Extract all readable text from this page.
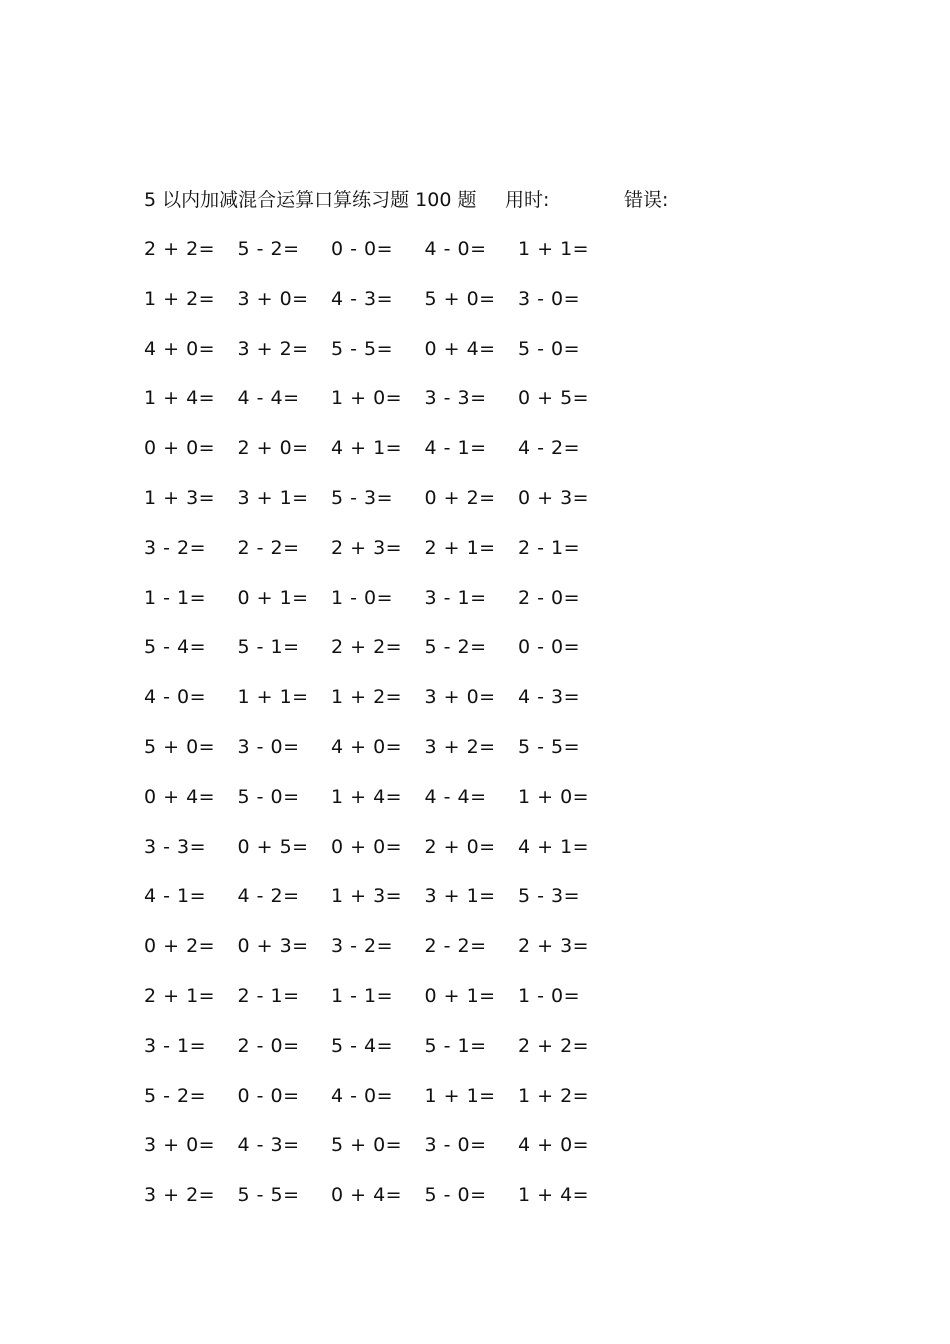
5 以内加减混合运算口算练习题 100 题 用时:	错误:
2 + 2= 5 - 2= 0 - 0= 4 - 0= 1 + 1=
1 + 2= 3 + 0= 4 - 3= 5 + 0= 3 - 0=
4 + 0= 3 + 2= 5 - 5= 0 + 4= 5 - 0=
1 + 4= 4 - 4= 1 + 0= 3 - 3= 0 + 5=
0 + 0= 2 + 0= 4 + 1= 4 - 1= 4 - 2=
1 + 3= 3 + 1= 5 - 3= 0 + 2= 0 + 3=
3 - 2= 2 - 2= 2 + 3= 2 + 1= 2 - 1=
1 - 1= 0 + 1= 1 - 0= 3 - 1= 2 - 0=
5 - 4= 5 - 1= 2 + 2= 5 - 2= 0 - 0=
4 - 0= 1 + 1= 1 + 2= 3 + 0= 4 - 3=
5 + 0= 3 - 0= 4 + 0= 3 + 2= 5 - 5=
0 + 4= 5 - 0= 1 + 4= 4 - 4= 1 + 0=
3 - 3= 0 + 5= 0 + 0= 2 + 0= 4 + 1=
4 - 1= 4 - 2= 1 + 3= 3 + 1= 5 - 3=
0 + 2= 0 + 3= 3 - 2= 2 - 2= 2 + 3=
2 + 1= 2 - 1= 1 - 1= 0 + 1= 1 - 0=
3 - 1= 2 - 0= 5 - 4= 5 - 1= 2 + 2=
5 - 2= 0 - 0= 4 - 0= 1 + 1= 1 + 2=
3 + 0= 4 - 3= 5 + 0= 3 - 0= 4 + 0=
3 + 2= 5 - 5= 0 + 4= 5 - 0= 1 + 4=
